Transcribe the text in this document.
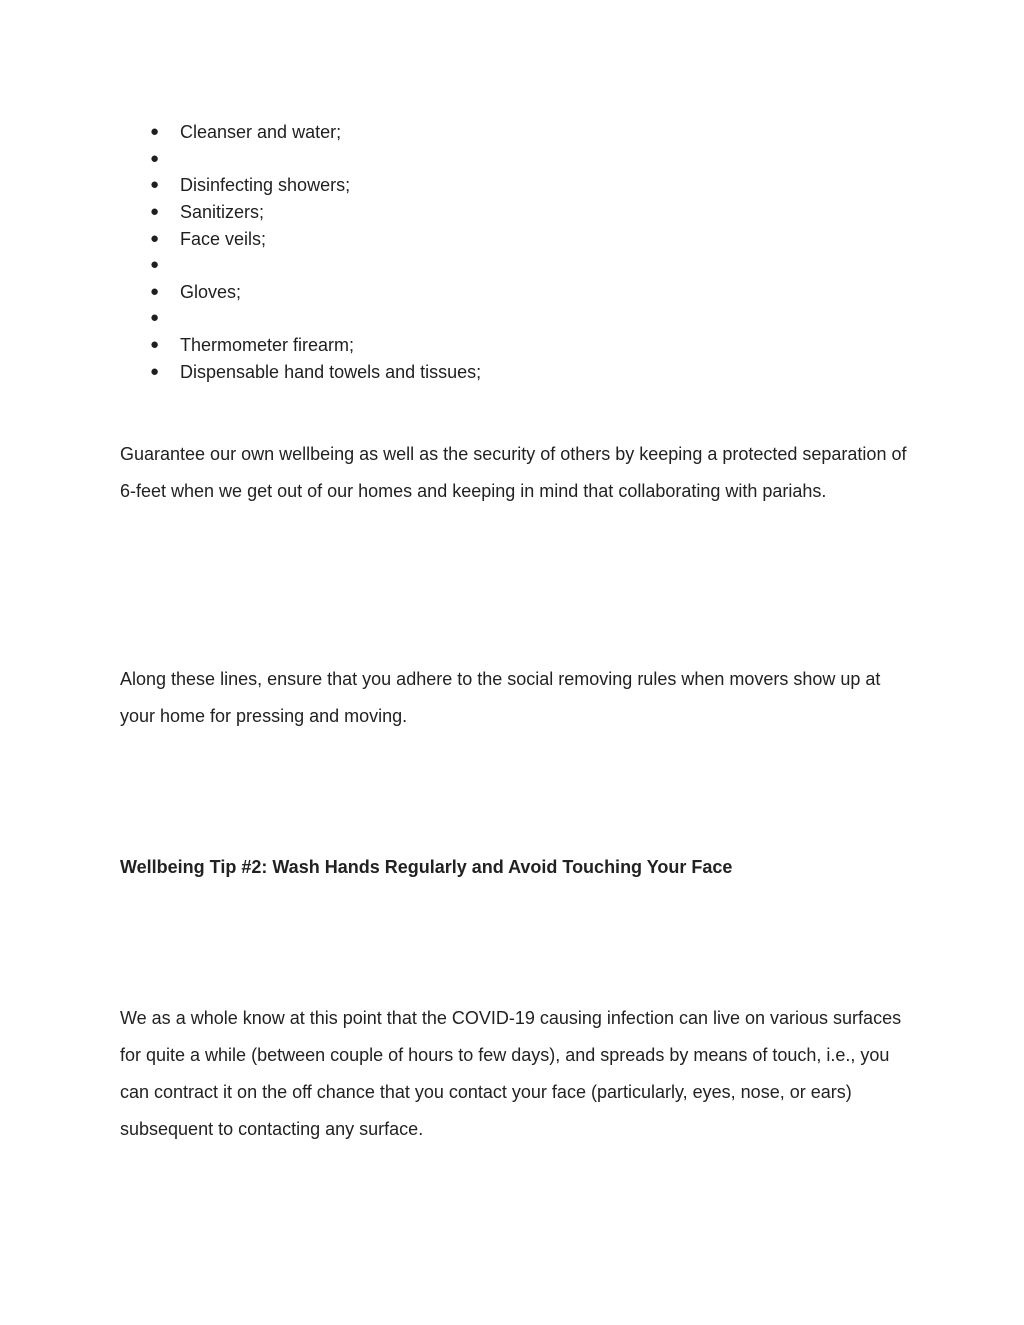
●	Cleanser and water;
●
●	Disinfecting showers;
●	Sanitizers;
●	Face veils;
●
●	Gloves;
●
●	Thermometer firearm;
●	Dispensable hand towels and tissues;

Guarantee our own wellbeing as well as the security of others by keeping a protected separation of 6-feet when we get out of our homes and keeping in mind that collaborating with pariahs.

Along these lines, ensure that you adhere to the social removing rules when movers show up at your home for pressing and moving.

Wellbeing Tip #2: Wash Hands Regularly and Avoid Touching Your Face

We as a whole know at this point that the COVID-19 causing infection can live on various surfaces for quite a while (between couple of hours to few days), and spreads by means of touch, i.e., you can contract it on the off chance that you contact your face (particularly, eyes, nose, or ears) subsequent to contacting any surface.
